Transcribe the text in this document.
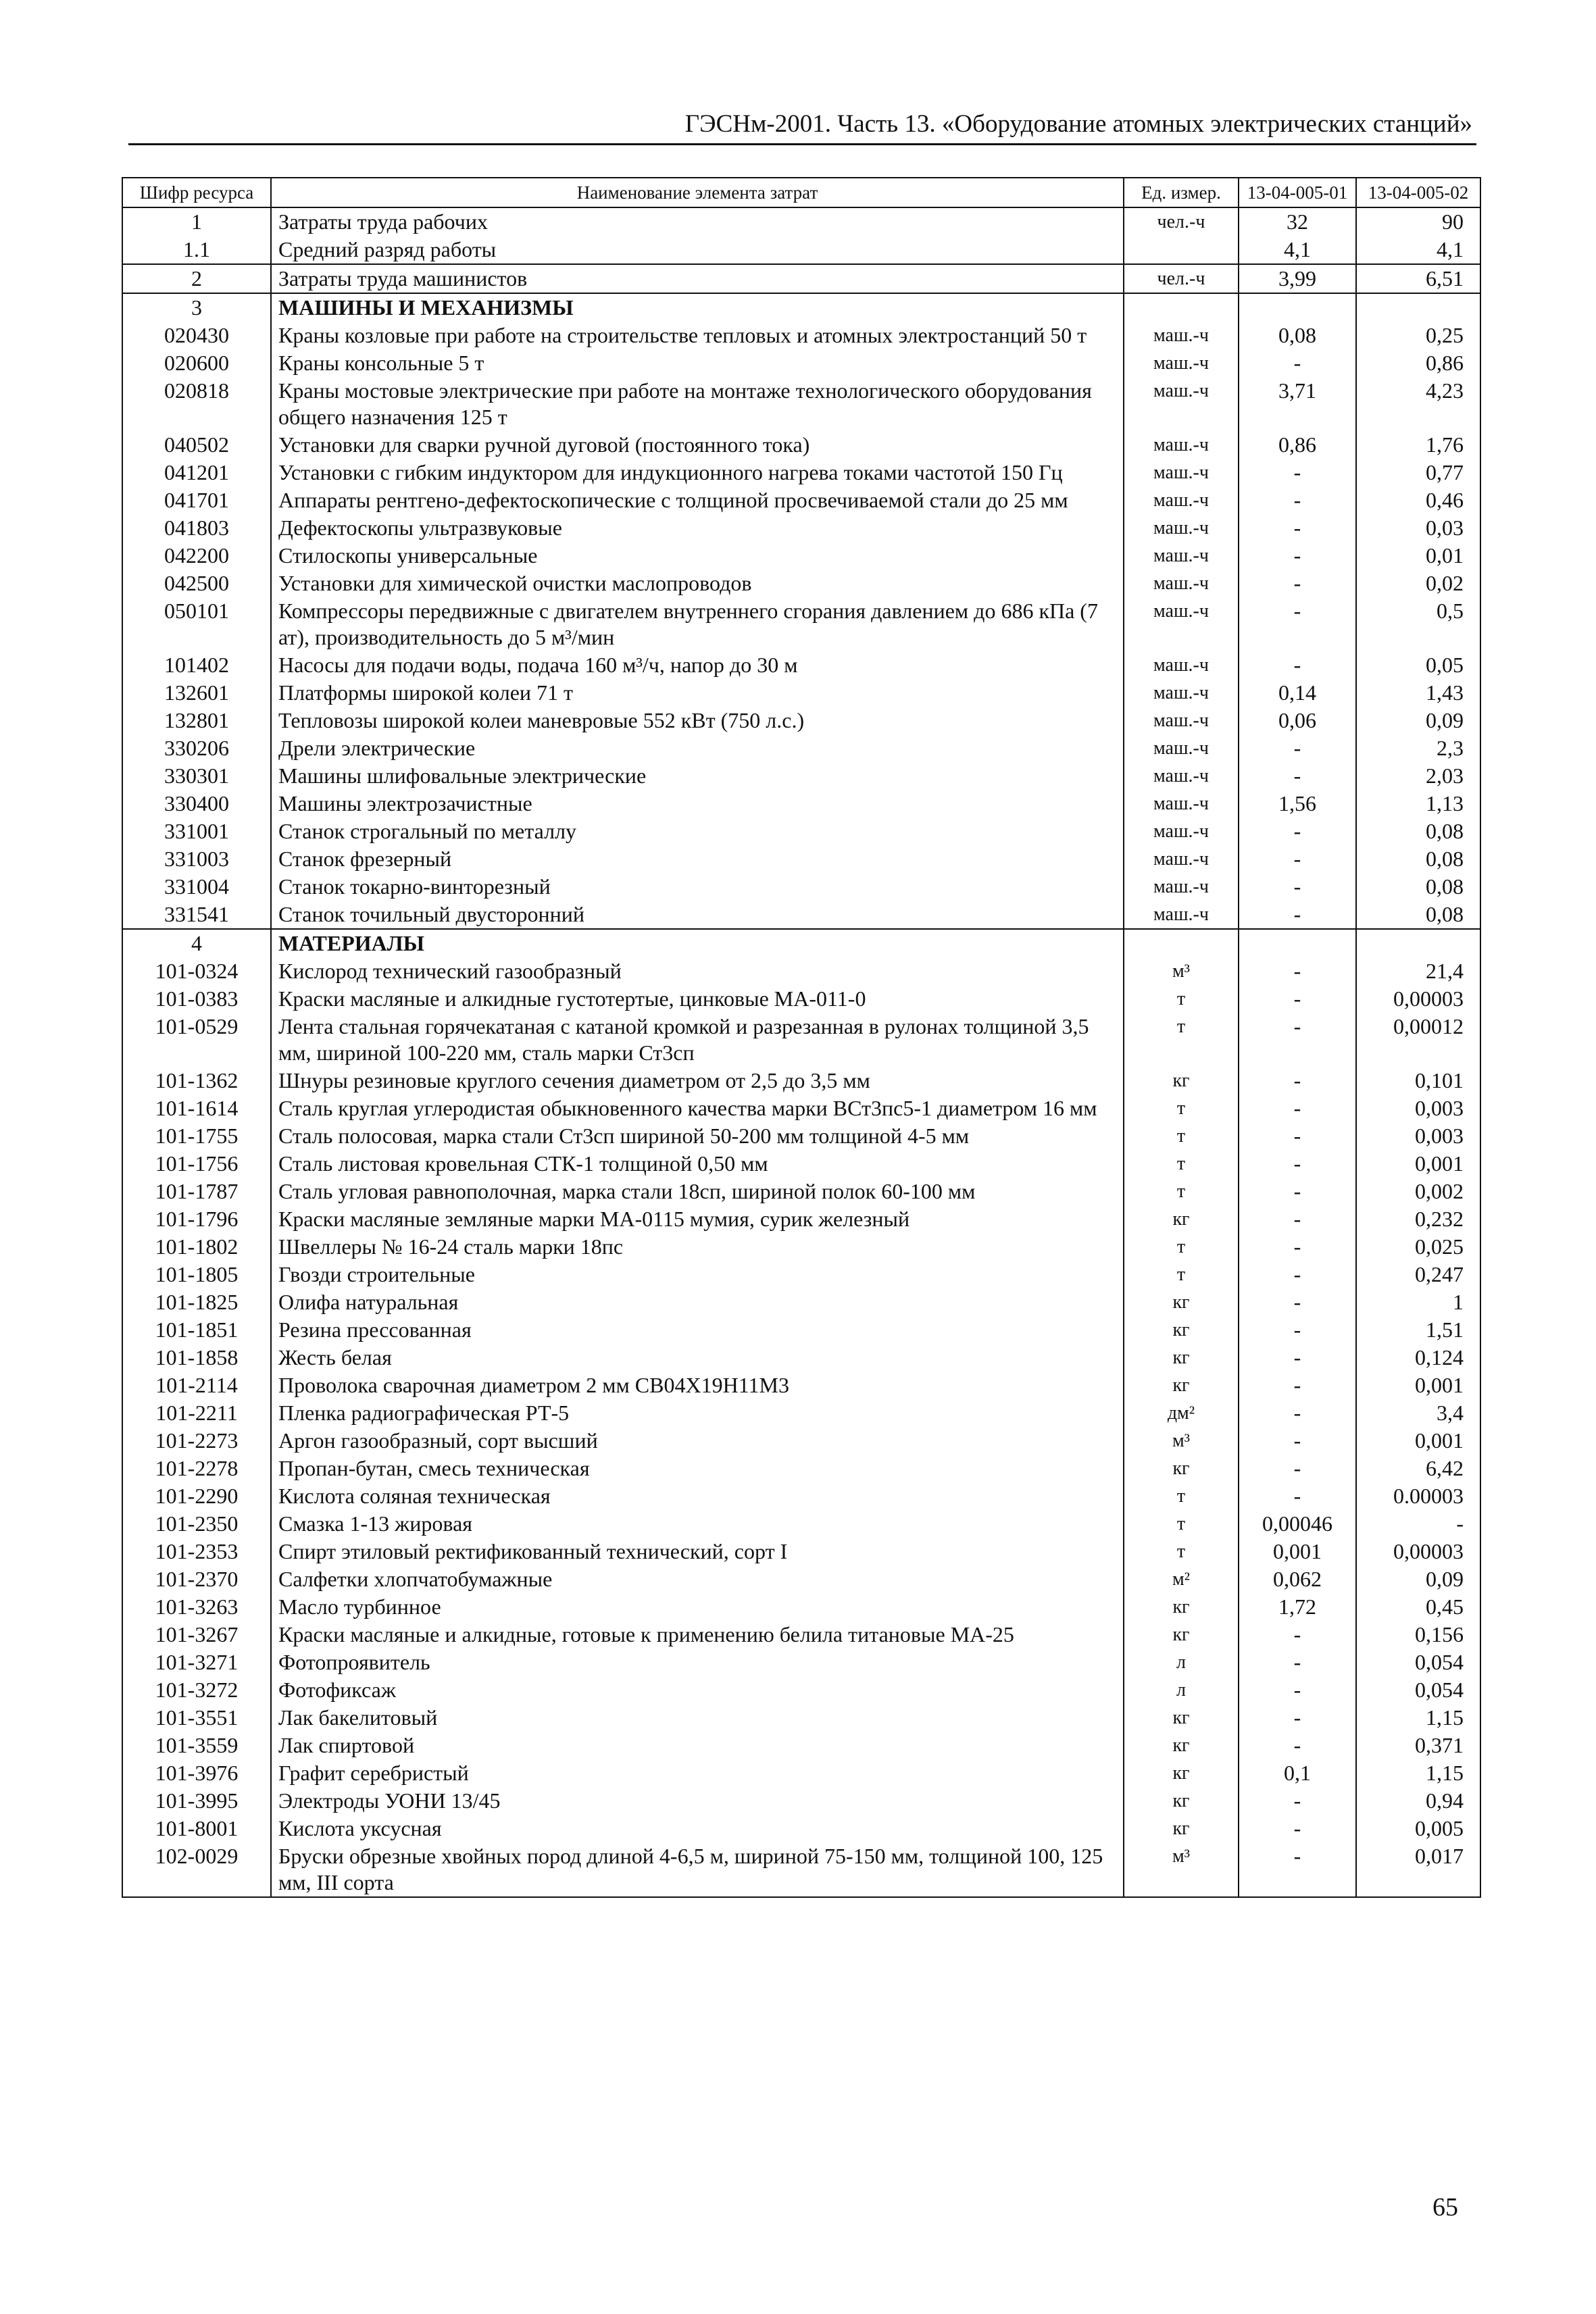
ГЭСНм-2001. Часть 13. «Оборудование атомных электрических станций»
Шифр ресурса	Наименование элемента затрат	Ед. измер.	13-04-005-01	13-04-005-02
1	Затраты труда рабочих	чел.-ч	32	90
1.1	Средний разряд работы		4,1	4,1
2	Затраты труда машинистов	чел.-ч	3,99	6,51
3	МАШИНЫ И МЕХАНИЗМЫ			
020430	Краны козловые при работе на строительстве тепловых и атомных электростанций 50 т	маш.-ч	0,08	0,25
020600	Краны консольные 5 т	маш.-ч	-	0,86
020818	Краны мостовые электрические при работе на монтаже технологического оборудования общего назначения 125 т	маш.-ч	3,71	4,23
040502	Установки для сварки ручной дуговой (постоянного тока)	маш.-ч	0,86	1,76
041201	Установки с гибким индуктором для индукционного нагрева токами частотой 150 Гц	маш.-ч	-	0,77
041701	Аппараты рентгено-дефектоскопические с толщиной просвечиваемой стали до 25 мм	маш.-ч	-	0,46
041803	Дефектоскопы ультразвуковые	маш.-ч	-	0,03
042200	Стилоскопы универсальные	маш.-ч	-	0,01
042500	Установки для химической очистки маслопроводов	маш.-ч	-	0,02
050101	Компрессоры передвижные с двигателем внутреннего сгорания давлением до 686 кПа (7 ат), производительность до 5 м³/мин	маш.-ч	-	0,5
101402	Насосы для подачи воды, подача 160 м³/ч, напор до 30 м	маш.-ч	-	0,05
132601	Платформы широкой колеи 71 т	маш.-ч	0,14	1,43
132801	Тепловозы широкой колеи маневровые 552 кВт (750 л.с.)	маш.-ч	0,06	0,09
330206	Дрели электрические	маш.-ч	-	2,3
330301	Машины шлифовальные электрические	маш.-ч	-	2,03
330400	Машины электрозачистные	маш.-ч	1,56	1,13
331001	Станок строгальный по металлу	маш.-ч	-	0,08
331003	Станок фрезерный	маш.-ч	-	0,08
331004	Станок токарно-винторезный	маш.-ч	-	0,08
331541	Станок точильный двусторонний	маш.-ч	-	0,08
4	МАТЕРИАЛЫ			
101-0324	Кислород технический газообразный	м³	-	21,4
101-0383	Краски масляные и алкидные густотертые, цинковые МА-011-0	т	-	0,00003
101-0529	Лента стальная горячекатаная с катаной кромкой и разрезанная в рулонах толщиной 3,5 мм, шириной 100-220 мм, сталь марки Ст3сп	т	-	0,00012
101-1362	Шнуры резиновые круглого сечения диаметром от 2,5 до 3,5 мм	кг	-	0,101
101-1614	Сталь круглая углеродистая обыкновенного качества марки ВСт3пс5-1 диаметром 16 мм	т	-	0,003
101-1755	Сталь полосовая, марка стали Ст3сп шириной 50-200 мм толщиной 4-5 мм	т	-	0,003
101-1756	Сталь листовая кровельная СТК-1 толщиной 0,50 мм	т	-	0,001
101-1787	Сталь угловая равнополочная, марка стали 18сп, шириной полок 60-100 мм	т	-	0,002
101-1796	Краски масляные земляные марки МА-0115 мумия, сурик железный	кг	-	0,232
101-1802	Швеллеры № 16-24 сталь марки 18пс	т	-	0,025
101-1805	Гвозди строительные	т	-	0,247
101-1825	Олифа натуральная	кг	-	1
101-1851	Резина прессованная	кг	-	1,51
101-1858	Жесть белая	кг	-	0,124
101-2114	Проволока сварочная диаметром 2 мм СВ04Х19Н11М3	кг	-	0,001
101-2211	Пленка радиографическая РТ-5	дм²	-	3,4
101-2273	Аргон газообразный, сорт высший	м³	-	0,001
101-2278	Пропан-бутан, смесь техническая	кг	-	6,42
101-2290	Кислота соляная техническая	т	-	0.00003
101-2350	Смазка 1-13 жировая	т	0,00046	-
101-2353	Спирт этиловый ректификованный технический, сорт I	т	0,001	0,00003
101-2370	Салфетки хлопчатобумажные	м²	0,062	0,09
101-3263	Масло турбинное	кг	1,72	0,45
101-3267	Краски масляные и алкидные, готовые к применению белила титановые МА-25	кг	-	0,156
101-3271	Фотопроявитель	л	-	0,054
101-3272	Фотофиксаж	л	-	0,054
101-3551	Лак бакелитовый	кг	-	1,15
101-3559	Лак спиртовой	кг	-	0,371
101-3976	Графит серебристый	кг	0,1	1,15
101-3995	Электроды УОНИ 13/45	кг	-	0,94
101-8001	Кислота уксусная	кг	-	0,005
102-0029	Бруски обрезные хвойных пород длиной 4-6,5 м, шириной 75-150 мм, толщиной 100, 125 мм, III сорта	м³	-	0,017
65
